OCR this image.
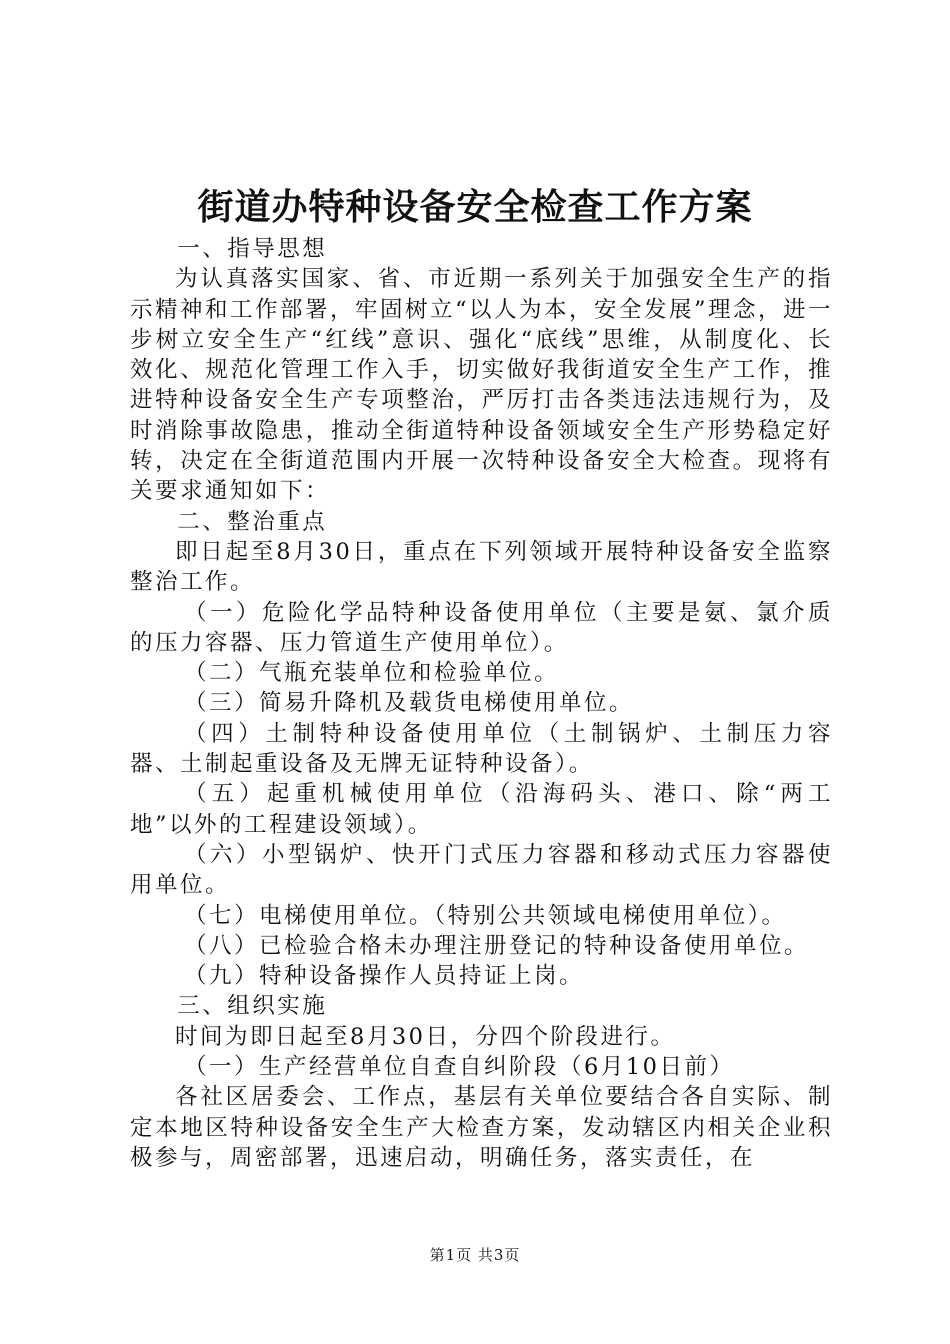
街道办特种设备安全检查工作方案

一、指导思想

为认真落实国家、省、市近期一系列关于加强安全生产的指示精神和工作部署，牢固树立“以人为本，安全发展”理念，进一步树立安全生产“红线”意识、强化“底线”思维，从制度化、长效化、规范化管理工作入手，切实做好我街道安全生产工作，推进特种设备安全生产专项整治，严厉打击各类违法违规行为，及时消除事故隐患，推动全街道特种设备领域安全生产形势稳定好转，决定在全街道范围内开展一次特种设备安全大检查。现将有关要求通知如下：

二、整治重点

即日起至8月30日，重点在下列领域开展特种设备安全监察整治工作。

（一）危险化学品特种设备使用单位（主要是氨、氯介质的压力容器、压力管道生产使用单位）。

（二）气瓶充装单位和检验单位。

（三）简易升降机及载货电梯使用单位。

（四）土制特种设备使用单位（土制锅炉、土制压力容器、土制起重设备及无牌无证特种设备）。

（五）起重机械使用单位（沿海码头、港口、除“两工地”以外的工程建设领域）。

（六）小型锅炉、快开门式压力容器和移动式压力容器使用单位。

（七）电梯使用单位。（特别公共领域电梯使用单位）。

（八）已检验合格未办理注册登记的特种设备使用单位。

（九）特种设备操作人员持证上岗。

三、组织实施

时间为即日起至8月30日，分四个阶段进行。

（一）生产经营单位自查自纠阶段（6月10日前）

各社区居委会、工作点，基层有关单位要结合各自实际、制定本地区特种设备安全生产大检查方案，发动辖区内相关企业积极参与，周密部署，迅速启动，明确任务，落实责任，在

第1页 共3页
